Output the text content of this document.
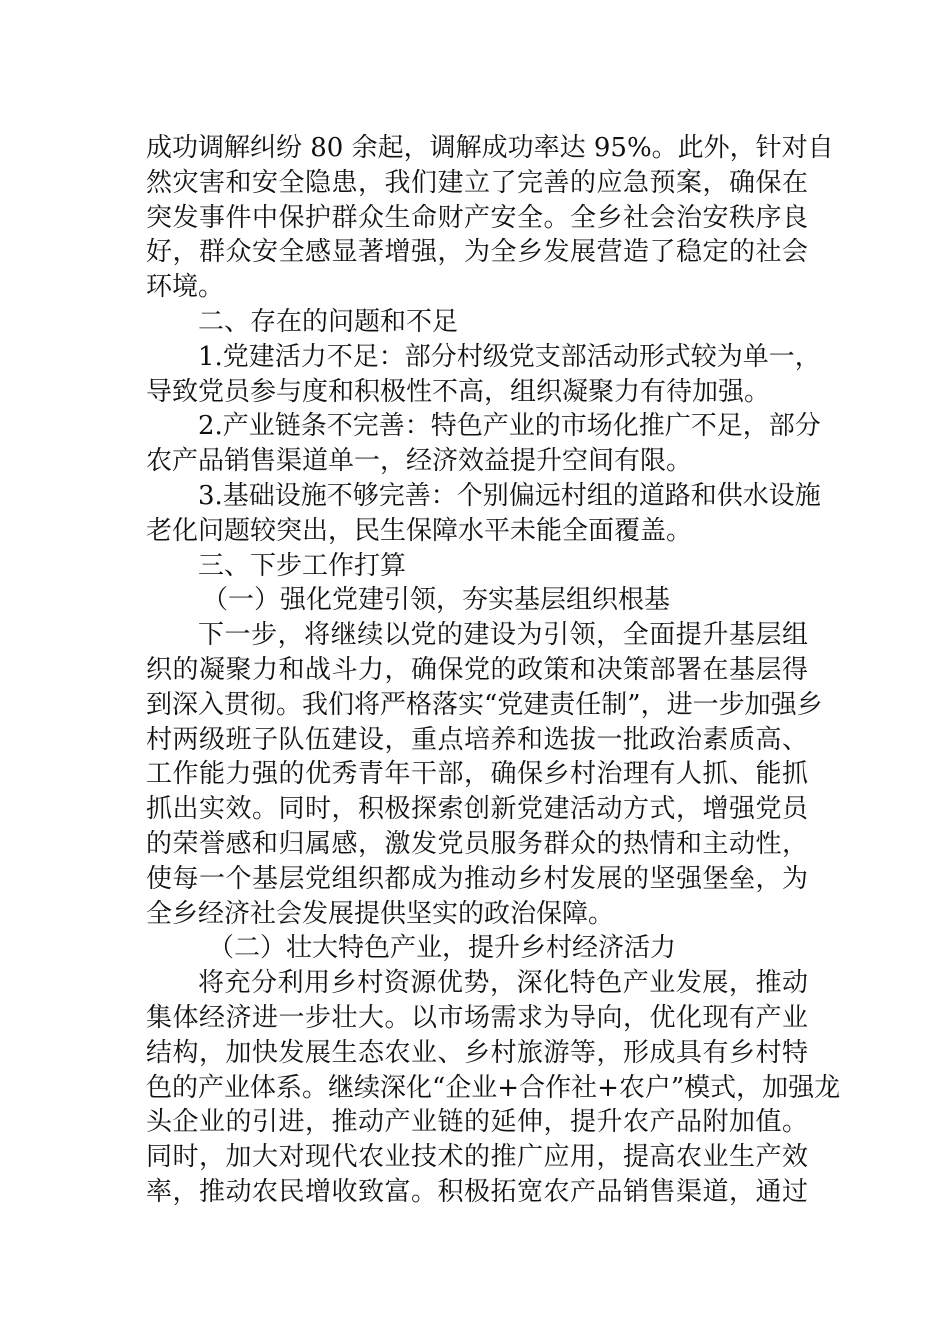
成功调解纠纷 80 余起，调解成功率达 95%。此外，针对自
然灾害和安全隐患，我们建立了完善的应急预案，确保在
突发事件中保护群众生命财产安全。全乡社会治安秩序良
好，群众安全感显著增强，为全乡发展营造了稳定的社会
环境。
二、存在的问题和不足
1.党建活力不足：部分村级党支部活动形式较为单一，
导致党员参与度和积极性不高，组织凝聚力有待加强。
2.产业链条不完善：特色产业的市场化推广不足，部分
农产品销售渠道单一，经济效益提升空间有限。
3.基础设施不够完善：个别偏远村组的道路和供水设施
老化问题较突出，民生保障水平未能全面覆盖。
三、下步工作打算
（一）强化党建引领，夯实基层组织根基
下一步，将继续以党的建设为引领，全面提升基层组
织的凝聚力和战斗力，确保党的政策和决策部署在基层得
到深入贯彻。我们将严格落实“党建责任制”，进一步加强乡
村两级班子队伍建设，重点培养和选拔一批政治素质高、
工作能力强的优秀青年干部，确保乡村治理有人抓、能抓
抓出实效。同时，积极探索创新党建活动方式，增强党员
的荣誉感和归属感，激发党员服务群众的热情和主动性，
使每一个基层党组织都成为推动乡村发展的坚强堡垒，为
全乡经济社会发展提供坚实的政治保障。
（二）壮大特色产业，提升乡村经济活力
将充分利用乡村资源优势，深化特色产业发展，推动
集体经济进一步壮大。以市场需求为导向，优化现有产业
结构，加快发展生态农业、乡村旅游等，形成具有乡村特
色的产业体系。继续深化“企业+合作社+农户”模式，加强龙
头企业的引进，推动产业链的延伸，提升农产品附加值。
同时，加大对现代农业技术的推广应用，提高农业生产效
率，推动农民增收致富。积极拓宽农产品销售渠道，通过
